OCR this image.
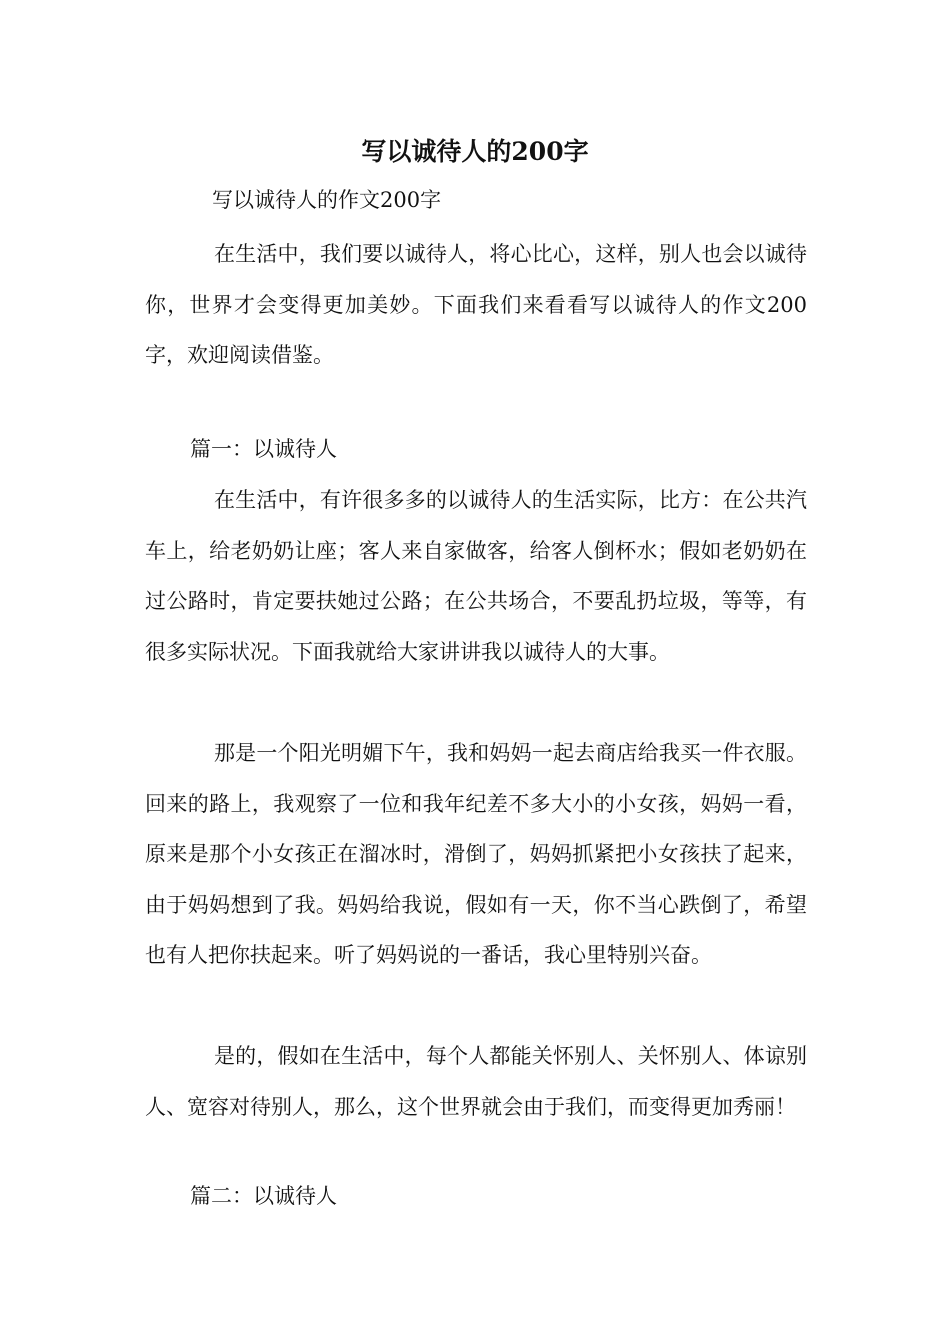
写以诚待人的200字

写以诚待人的作文200字

在生活中，我们要以诚待人，将心比心，这样，别人也会以诚待你，世界才会变得更加美妙。下面我们来看看写以诚待人的作文200字，欢迎阅读借鉴。

篇一：以诚待人

在生活中，有许很多多的以诚待人的生活实际，比方：在公共汽车上，给老奶奶让座；客人来自家做客，给客人倒杯水；假如老奶奶在过公路时，肯定要扶她过公路；在公共场合，不要乱扔垃圾，等等，有很多实际状况。下面我就给大家讲讲我以诚待人的大事。

那是一个阳光明媚下午，我和妈妈一起去商店给我买一件衣服。回来的路上，我观察了一位和我年纪差不多大小的小女孩，妈妈一看，原来是那个小女孩正在溜冰时，滑倒了，妈妈抓紧把小女孩扶了起来，由于妈妈想到了我。妈妈给我说，假如有一天，你不当心跌倒了，希望也有人把你扶起来。听了妈妈说的一番话，我心里特别兴奋。

是的，假如在生活中，每个人都能关怀别人、关怀别人、体谅别人、宽容对待别人，那么，这个世界就会由于我们，而变得更加秀丽！

篇二：以诚待人
